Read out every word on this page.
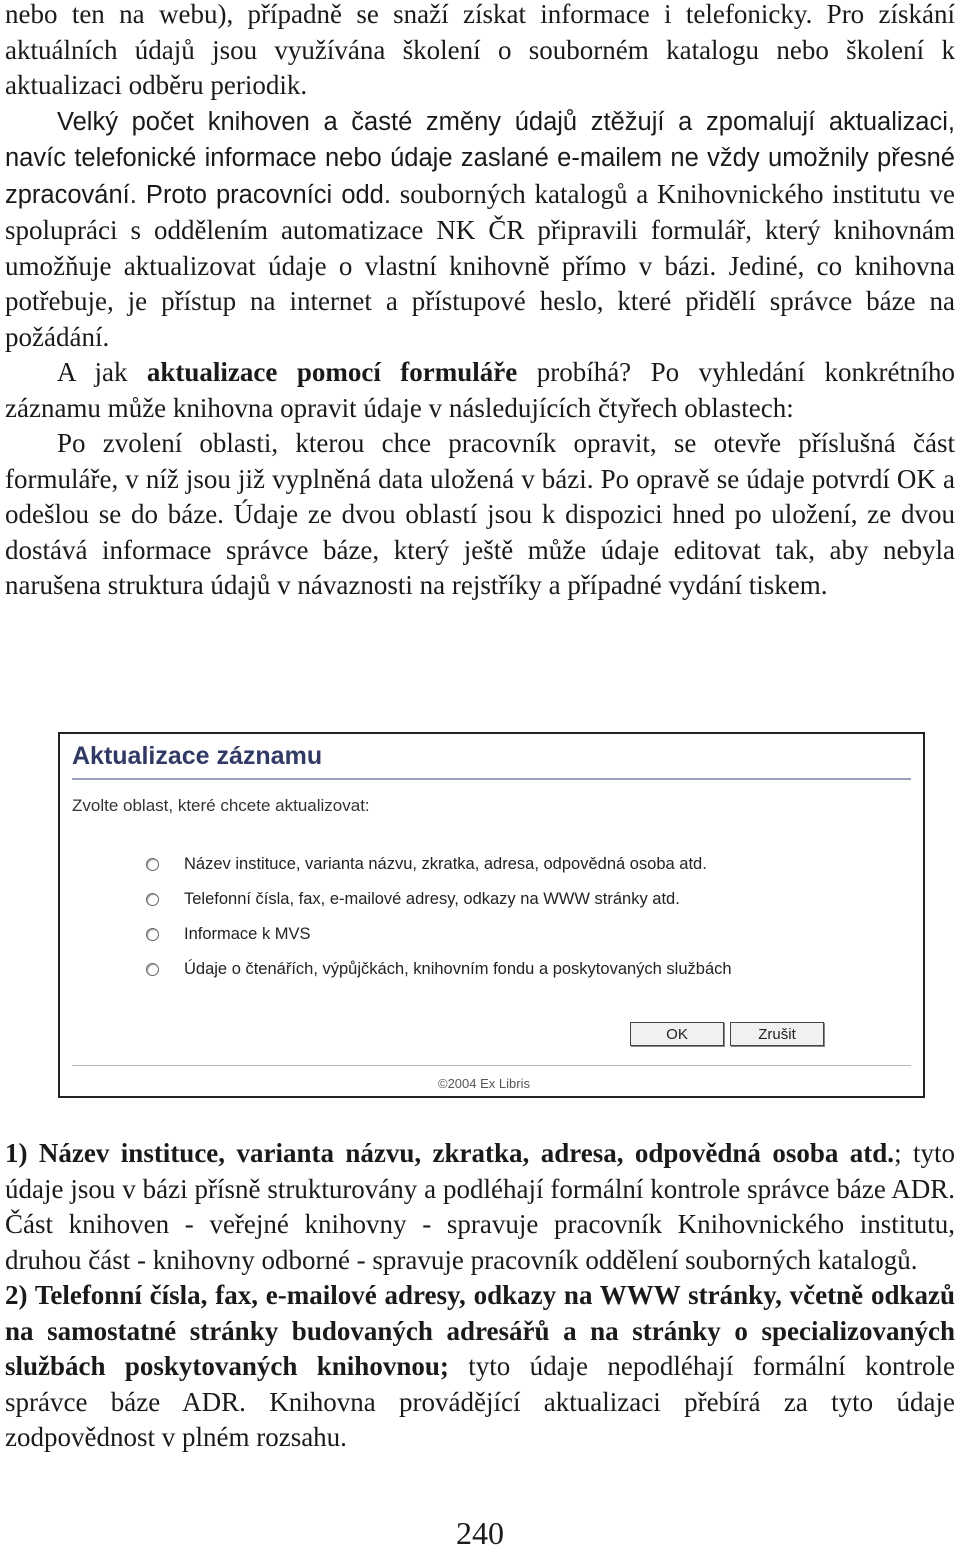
nebo ten na webu), případně se snaží získat informace i telefonicky. Pro získání aktuálních údajů jsou využívána školení o souborném katalogu nebo školení k aktualizaci odběru periodik.

Velký počet knihoven a časté změny údajů ztěžují a zpomalují aktualizaci, navíc telefonické informace nebo údaje zaslané e-mailem ne vždy umožnily přesné zpracování. Proto pracovníci odd. souborných katalogů a Knihovnického institutu ve spolupráci s oddělením automatizace NK ČR připravili formulář, který knihovnám umožňuje aktualizovat údaje o vlastní knihovně přímo v bázi. Jediné, co knihovna potřebuje, je přístup na internet a přístupové heslo, které přidělí správce báze na požádání.

A jak aktualizace pomocí formuláře probíhá? Po vyhledání konkrétního záznamu může knihovna opravit údaje v následujících čtyřech oblastech:

Po zvolení oblasti, kterou chce pracovník opravit, se otevře příslušná část formuláře, v níž jsou již vyplněná data uložená v bázi. Po opravě se údaje potvrdí OK a odešlou se do báze. Údaje ze dvou oblastí jsou k dispozici hned po uložení, ze dvou dostává informace správce báze, který ještě může údaje editovat tak, aby nebyla narušena struktura údajů v návaznosti na rejstříky a případné vydání tiskem.

Aktualizace záznamu
Zvolte oblast, které chcete aktualizovat:
Název instituce, varianta názvu, zkratka, adresa, odpovědná osoba atd.
Telefonní čísla, fax, e-mailové adresy, odkazy na WWW stránky atd.
Informace k MVS
Údaje o čtenářích, výpůjčkách, knihovním fondu a poskytovaných službách
OK	Zrušit
©2004 Ex Libris

1) Název instituce, varianta názvu, zkratka, adresa, odpovědná osoba atd.; tyto údaje jsou v bázi přísně strukturovány a podléhají formální kontrole správce báze ADR. Část knihoven - veřejné knihovny - spravuje pracovník Knihovnického institutu, druhou část - knihovny odborné - spravuje pracovník oddělení souborných katalogů.

2) Telefonní čísla, fax, e-mailové adresy, odkazy na WWW stránky, včetně odkazů na samostatné stránky budovaných adresářů a na stránky o specializovaných službách poskytovaných knihovnou; tyto údaje nepodléhají formální kontrole správce báze ADR. Knihovna provádějící aktualizaci přebírá za tyto údaje zodpovědnost v plném rozsahu.

240
